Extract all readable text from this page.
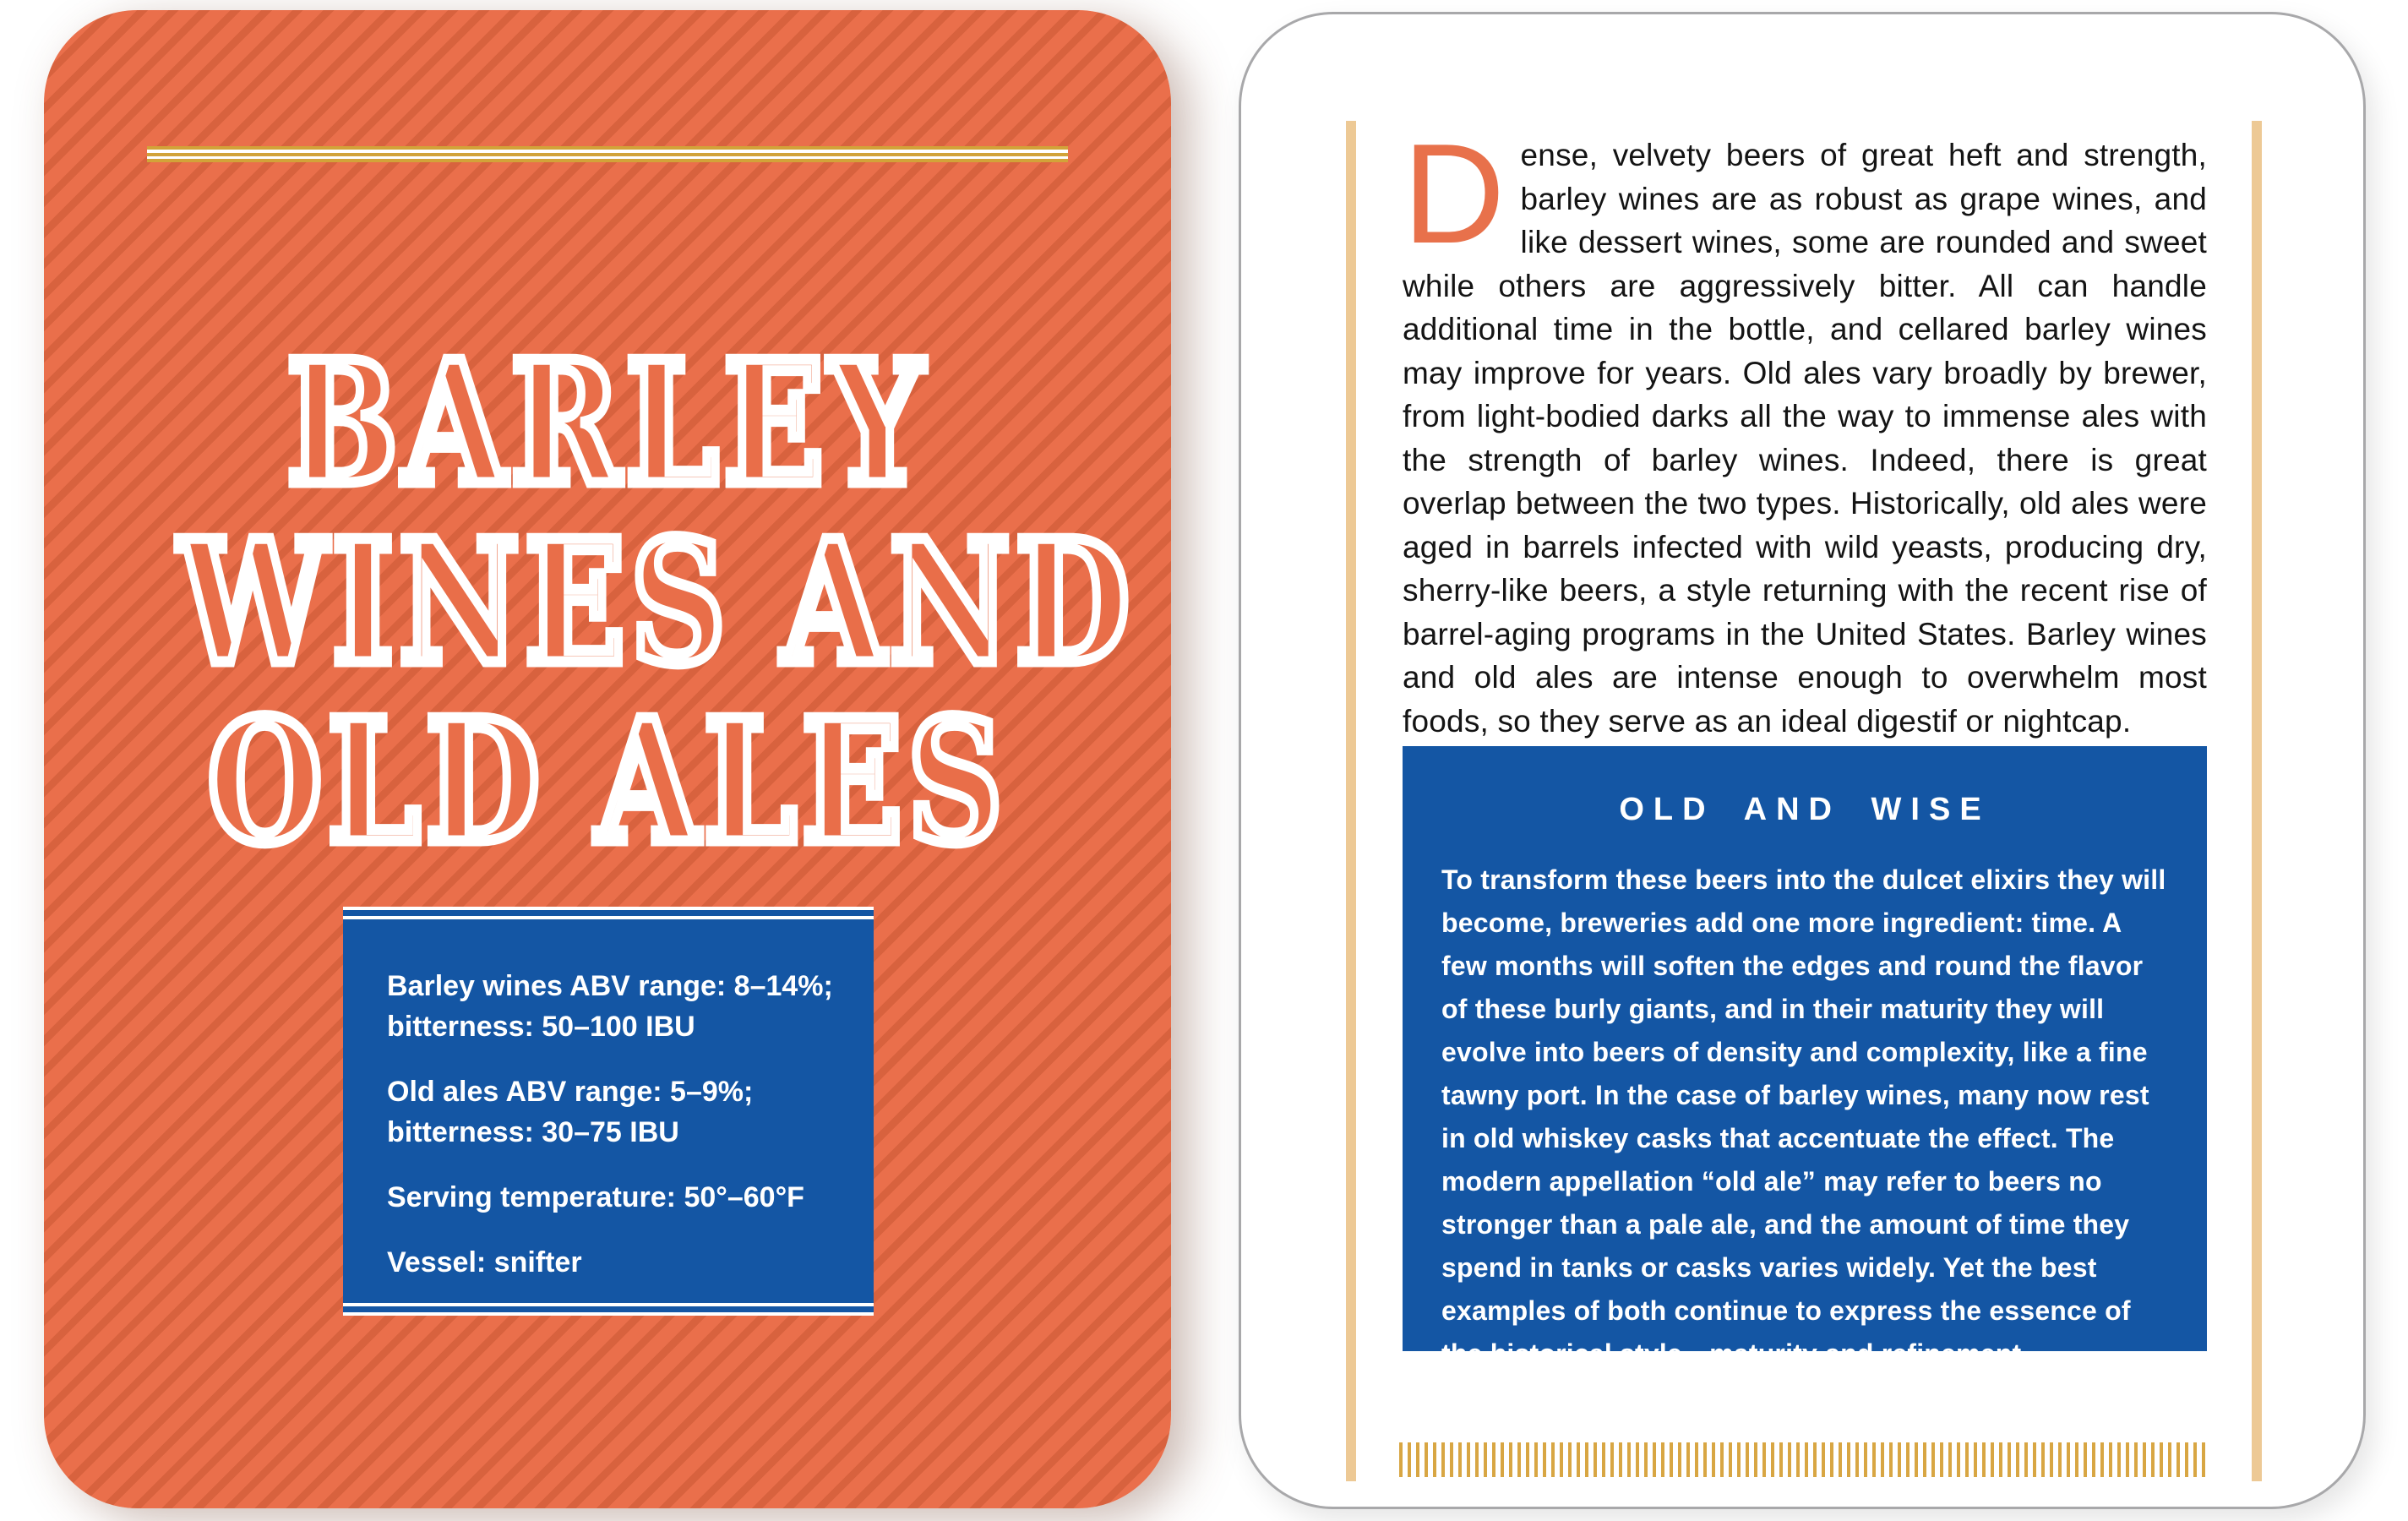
BARLEY
WINES AND
OLD ALES
Barley wines ABV range: 8–14%;
bitterness: 50–100 IBU
Old ales ABV range: 5–9%;
bitterness: 30–75 IBU
Serving temperature: 50°–60°F
Vessel: snifter

Dense, velvety beers of great heft and strength, barley wines are as robust as grape wines, and like dessert wines, some are rounded and sweet while others are aggressively bitter. All can handle additional time in the bottle, and cellared barley wines may improve for years. Old ales vary broadly by brewer, from light-bodied darks all the way to immense ales with the strength of barley wines. Indeed, there is great overlap between the two types. Historically, old ales were aged in barrels infected with wild yeasts, producing dry, sherry-like beers, a style returning with the recent rise of barrel-aging programs in the United States. Barley wines and old ales are intense enough to overwhelm most foods, so they serve as an ideal digestif or nightcap.

OLD AND WISE
To transform these beers into the dulcet elixirs they will become, breweries add one more ingredient: time. A few months will soften the edges and round the flavor of these burly giants, and in their maturity they will evolve into beers of density and complexity, like a fine tawny port. In the case of barley wines, many now rest in old whiskey casks that accentuate the effect. The modern appellation “old ale” may refer to beers no stronger than a pale ale, and the amount of time they spend in tanks or casks varies widely. Yet the best examples of both continue to express the essence of the historical style—maturity and refinement.
